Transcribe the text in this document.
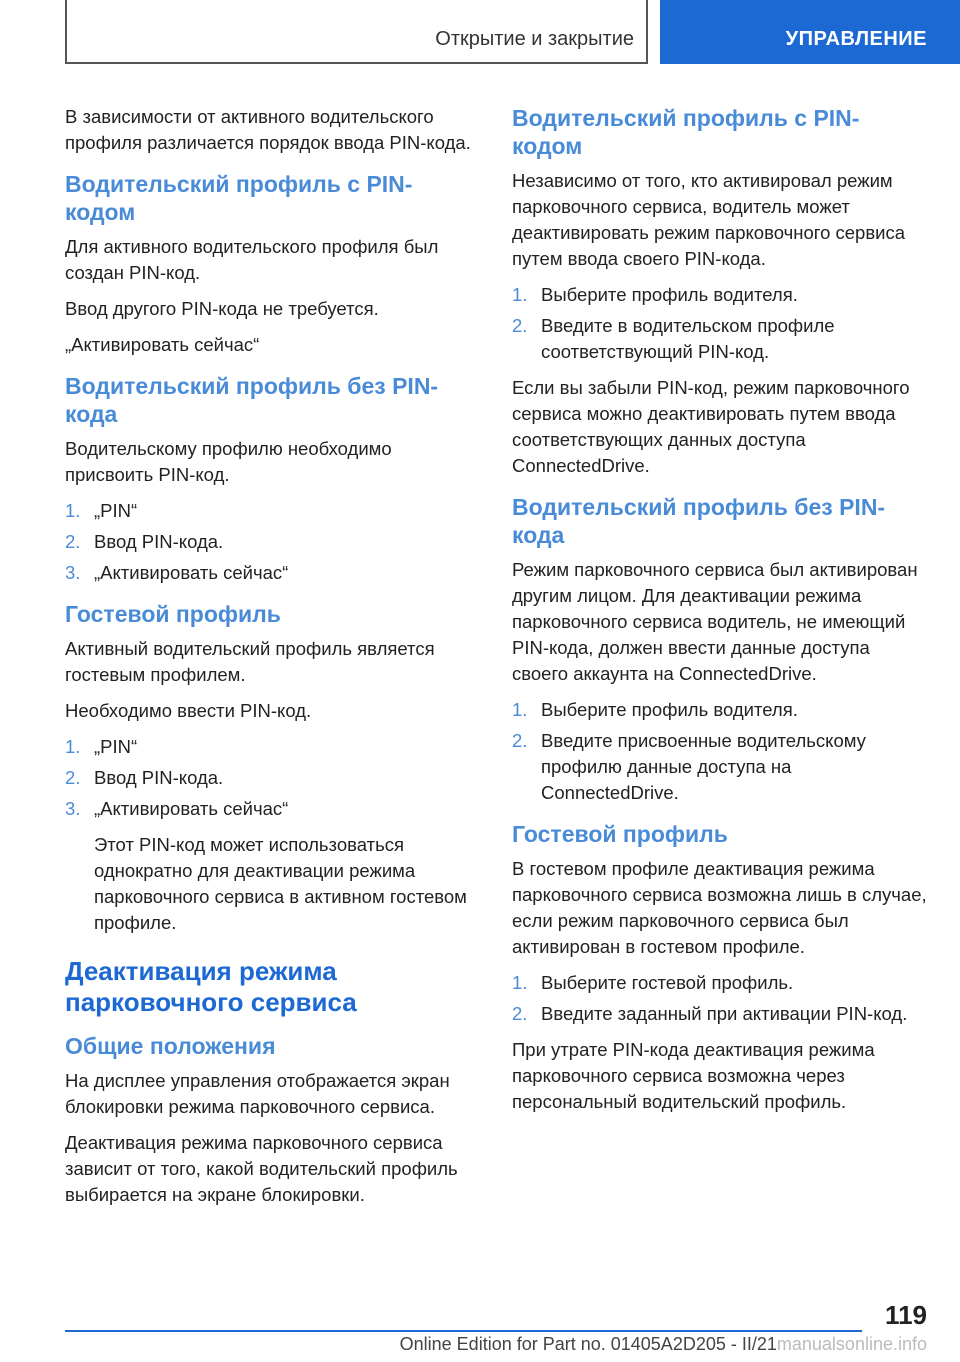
Открытие и закрытие	УПРАВЛЕНИЕ

В зависимости от активного водительского профиля различается порядок ввода PIN-кода.

Водительский профиль с PIN-кодом

Для активного водительского профиля был создан PIN-код.

Ввод другого PIN-кода не требуется.

„Активировать сейчас“

Водительский профиль без PIN-кода

Водительскому профилю необходимо присвоить PIN-код.

1. „PIN“
2. Ввод PIN-кода.
3. „Активировать сейчас“
Гостевой профиль

Активный водительский профиль является гостевым профилем.

Необходимо ввести PIN-код.

1. „PIN“
2. Ввод PIN-кода.
3. „Активировать сейчас“

Этот PIN-код может использоваться однократно для деактивации режима парковочного сервиса в активном гостевом профиле.

Деактивация режима парковочного сервиса
Общие положения

На дисплее управления отображается экран блокировки режима парковочного сервиса.

Деактивация режима парковочного сервиса зависит от того, какой водительский профиль выбирается на экране блокировки.

Водительский профиль с PIN-кодом

Независимо от того, кто активировал режим парковочного сервиса, водитель может деактивировать режим парковочного сервиса путем ввода своего PIN-кода.

1. Выберите профиль водителя.
2. Введите в водительском профиле соответствующий PIN-код.

Если вы забыли PIN-код, режим парковочного сервиса можно деактивировать путем ввода соответствующих данных доступа ConnectedDrive.

Водительский профиль без PIN-кода

Режим парковочного сервиса был активирован другим лицом. Для деактивации режима парковочного сервиса водитель, не имеющий PIN-кода, должен ввести данные доступа своего аккаунта на ConnectedDrive.

1. Выберите профиль водителя.
2. Введите присвоенные водительскому профилю данные доступа на ConnectedDrive.
Гостевой профиль

В гостевом профиле деактивация режима парковочного сервиса возможна лишь в случае, если режим парковочного сервиса был активирован в гостевом профиле.

1. Выберите гостевой профиль.
2. Введите заданный при активации PIN-код.

При утрате PIN-кода деактивация режима парковочного сервиса возможна через персональный водительский профиль.

119
Online Edition for Part no. 01405A2D205 - II/21manualsonline.info
